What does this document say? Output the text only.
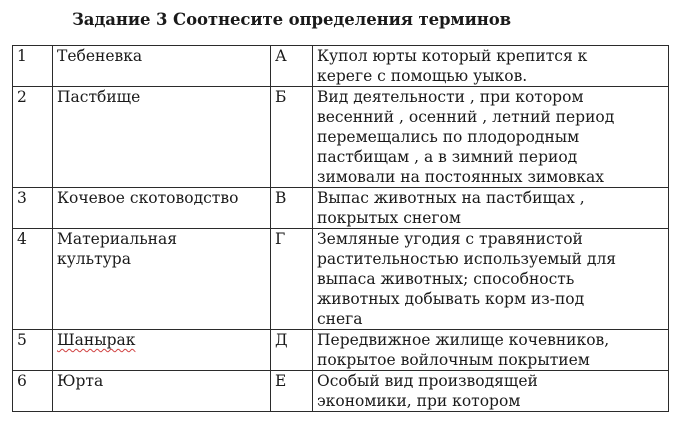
Задание 3 Соотнесите определения терминов
1	Тебеневка	А	Купол юрты который крепится к
кереге с помощью уыков.

2	Пастбище	Б	Вид деятельности , при котором
весенний , осенний , летний период
перемещались по плодородным
пастбищам , а в зимний период
зимовали на постоянных зимовках

3	Кочевое скотоводство	В	Выпас животных на пастбищах ,
покрытых снегом

4	Материальная
культура	Г	Земляные угодия с травянистой
растительностью используемый для
выпаса животных; способность
животных добывать корм из-под
снега

5	Шанырак	Д	Передвижное жилище кочевников,
покрытое войлочным покрытием

6	Юрта	Е	Особый вид производящей
экономики, при котором
